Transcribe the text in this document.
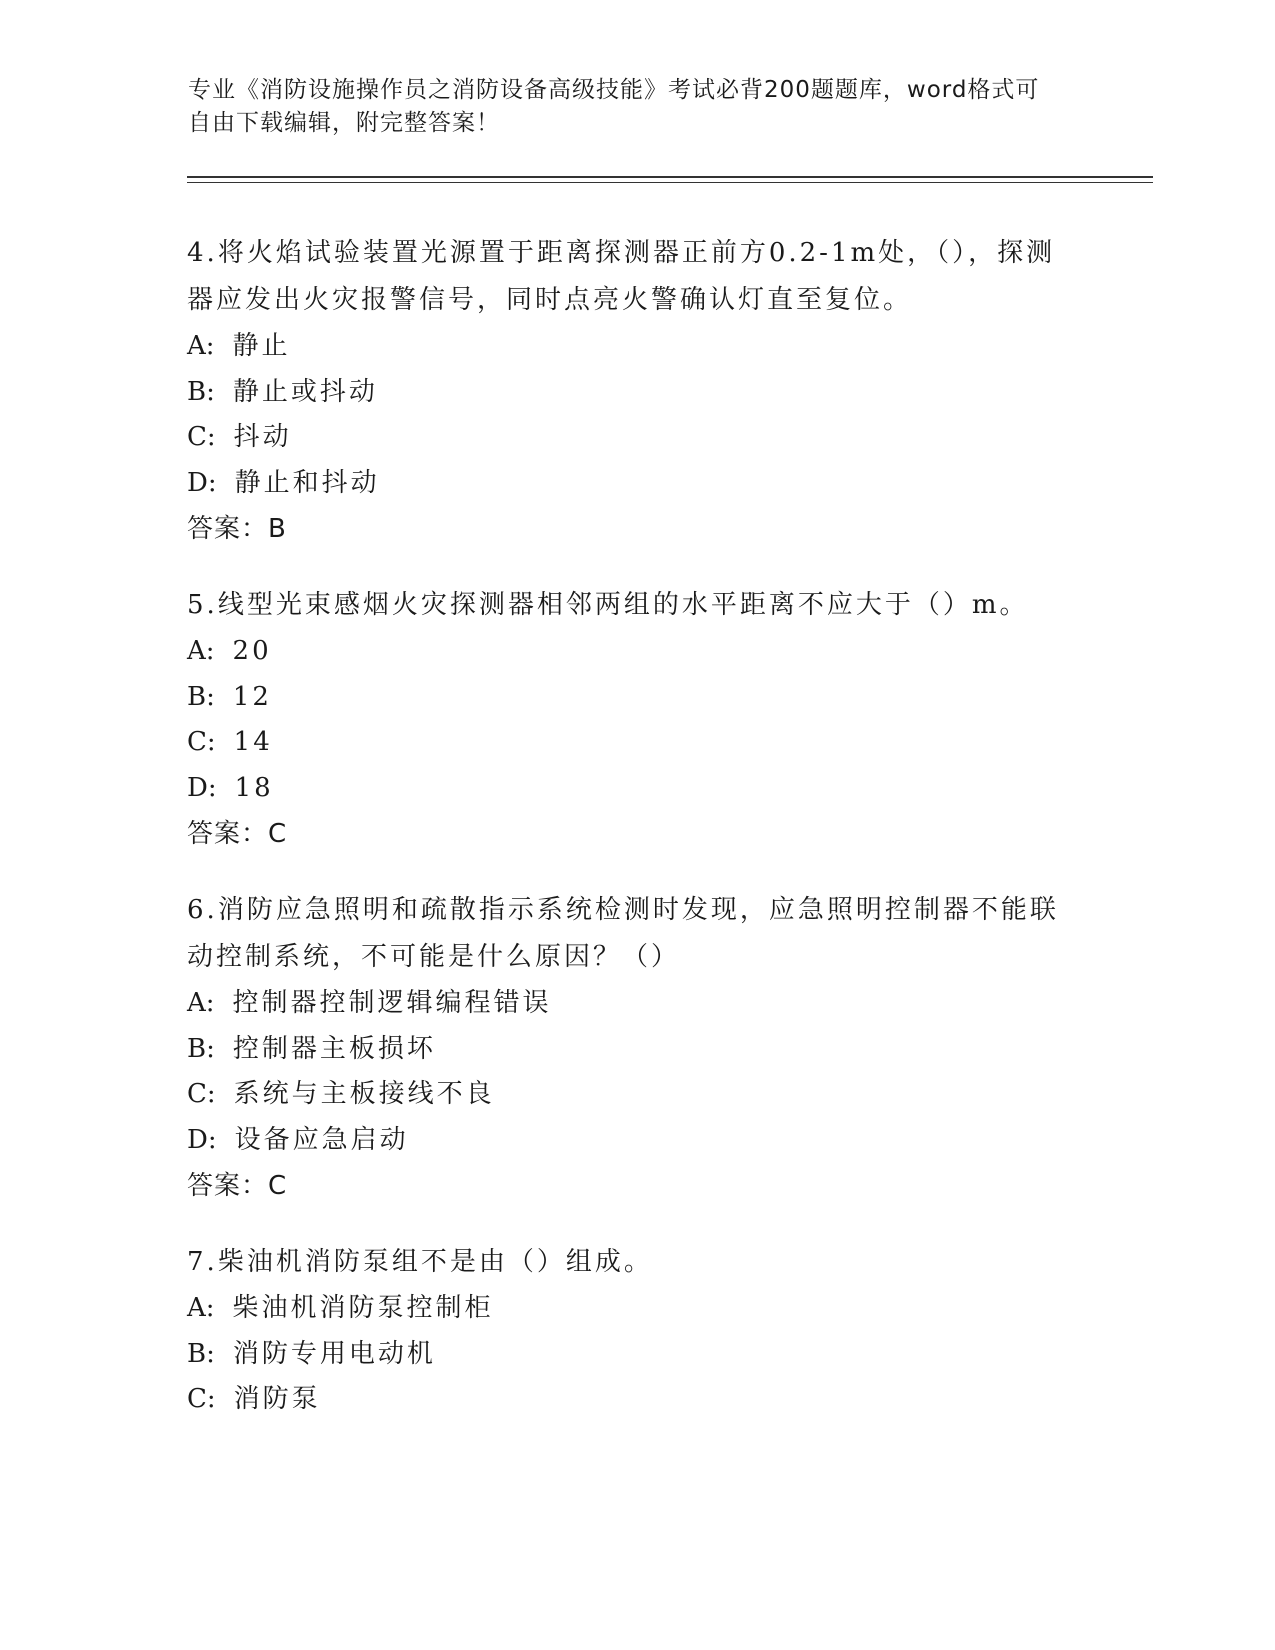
专业《消防设施操作员之消防设备高级技能》考试必背200题题库，word格式可
自由下载编辑，附完整答案！
4.将火焰试验装置光源置于距离探测器正前方0.2-1m处，（），探测
器应发出火灾报警信号，同时点亮火警确认灯直至复位。
A: 静止
B: 静止或抖动
C: 抖动
D: 静止和抖动
答案：B
5.线型光束感烟火灾探测器相邻两组的水平距离不应大于（）m。
A: 20
B: 12
C: 14
D: 18
答案：C
6.消防应急照明和疏散指示系统检测时发现，应急照明控制器不能联
动控制系统，不可能是什么原因？（）
A: 控制器控制逻辑编程错误
B: 控制器主板损坏
C: 系统与主板接线不良
D: 设备应急启动
答案：C
7.柴油机消防泵组不是由（）组成。
A: 柴油机消防泵控制柜
B: 消防专用电动机
C: 消防泵
